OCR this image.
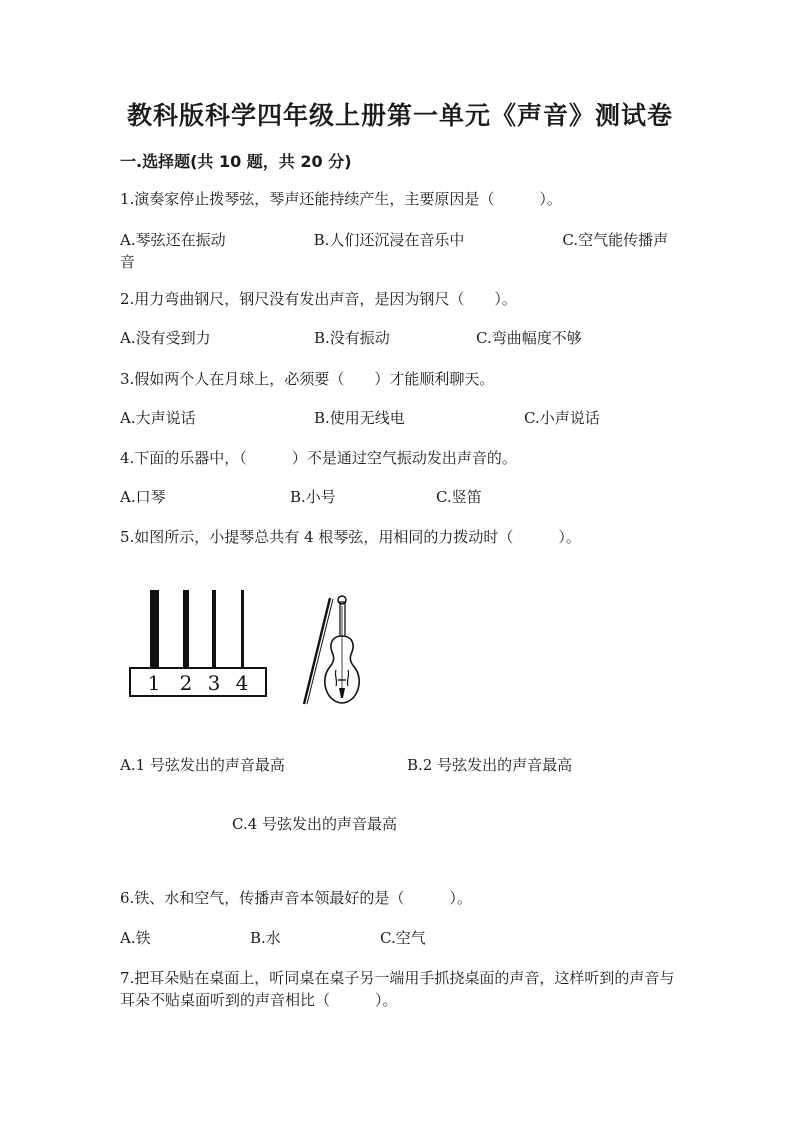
教科版科学四年级上册第一单元《声音》测试卷
一.选择题(共 10 题，共 20 分)
1.演奏家停止拨琴弦，琴声还能持续产生，主要原因是（　　　）。
A.琴弦还在振动	B.人们还沉浸在音乐中	C.空气能传播声音
2.用力弯曲钢尺，钢尺没有发出声音，是因为钢尺（　　）。
A.没有受到力	B.没有振动	C.弯曲幅度不够
3.假如两个人在月球上，必须要（　　）才能顺利聊天。
A.大声说话	B.使用无线电	C.小声说话
4.下面的乐器中，（　　　）不是通过空气振动发出声音的。
A.口琴	B.小号	C.竖笛
5.如图所示，小提琴总共有 4 根琴弦，用相同的力拨动时（　　　）。
1 2 3 4
A.1 号弦发出的声音最高	B.2 号弦发出的声音最高
C.4 号弦发出的声音最高
6.铁、水和空气，传播声音本领最好的是（　　　）。
A.铁	B.水	C.空气
7.把耳朵贴在桌面上，听同桌在桌子另一端用手抓挠桌面的声音，这样听到的声音与耳朵不贴桌面听到的声音相比（　　　）。
